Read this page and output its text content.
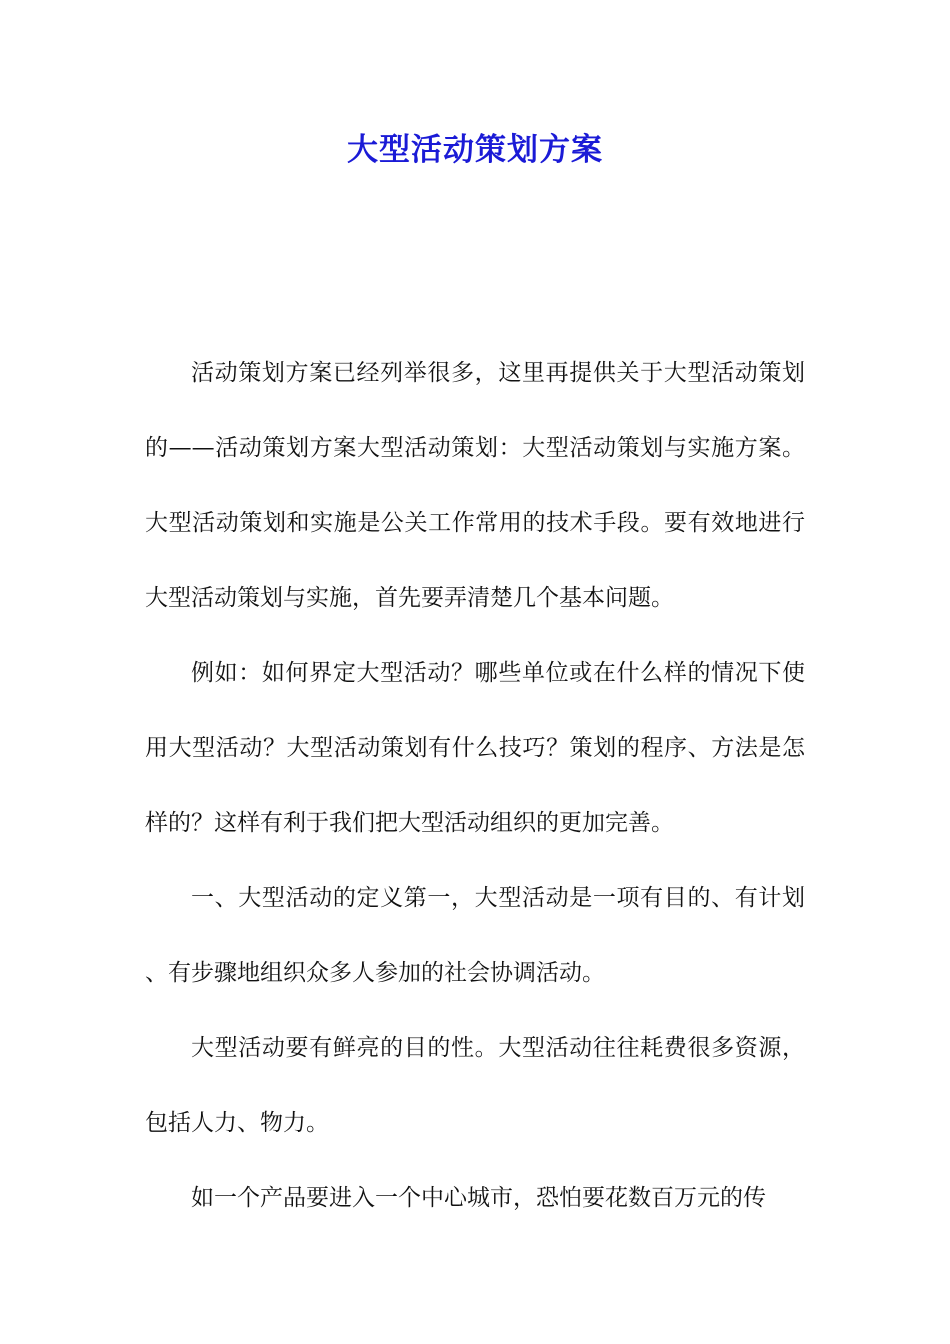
大型活动策划方案

活动策划方案已经列举很多，这里再提供关于大型活动策划的——活动策划方案大型活动策划：大型活动策划与实施方案。大型活动策划和实施是公关工作常用的技术手段。要有效地进行大型活动策划与实施，首先要弄清楚几个基本问题。

例如：如何界定大型活动？哪些单位或在什么样的情况下使用大型活动？大型活动策划有什么技巧？策划的程序、方法是怎样的？这样有利于我们把大型活动组织的更加完善。

一、大型活动的定义第一，大型活动是一项有目的、有计划、有步骤地组织众多人参加的社会协调活动。

大型活动要有鲜亮的目的性。大型活动往往耗费很多资源，包括人力、物力。

如一个产品要进入一个中心城市，恐怕要花数百万元的传
